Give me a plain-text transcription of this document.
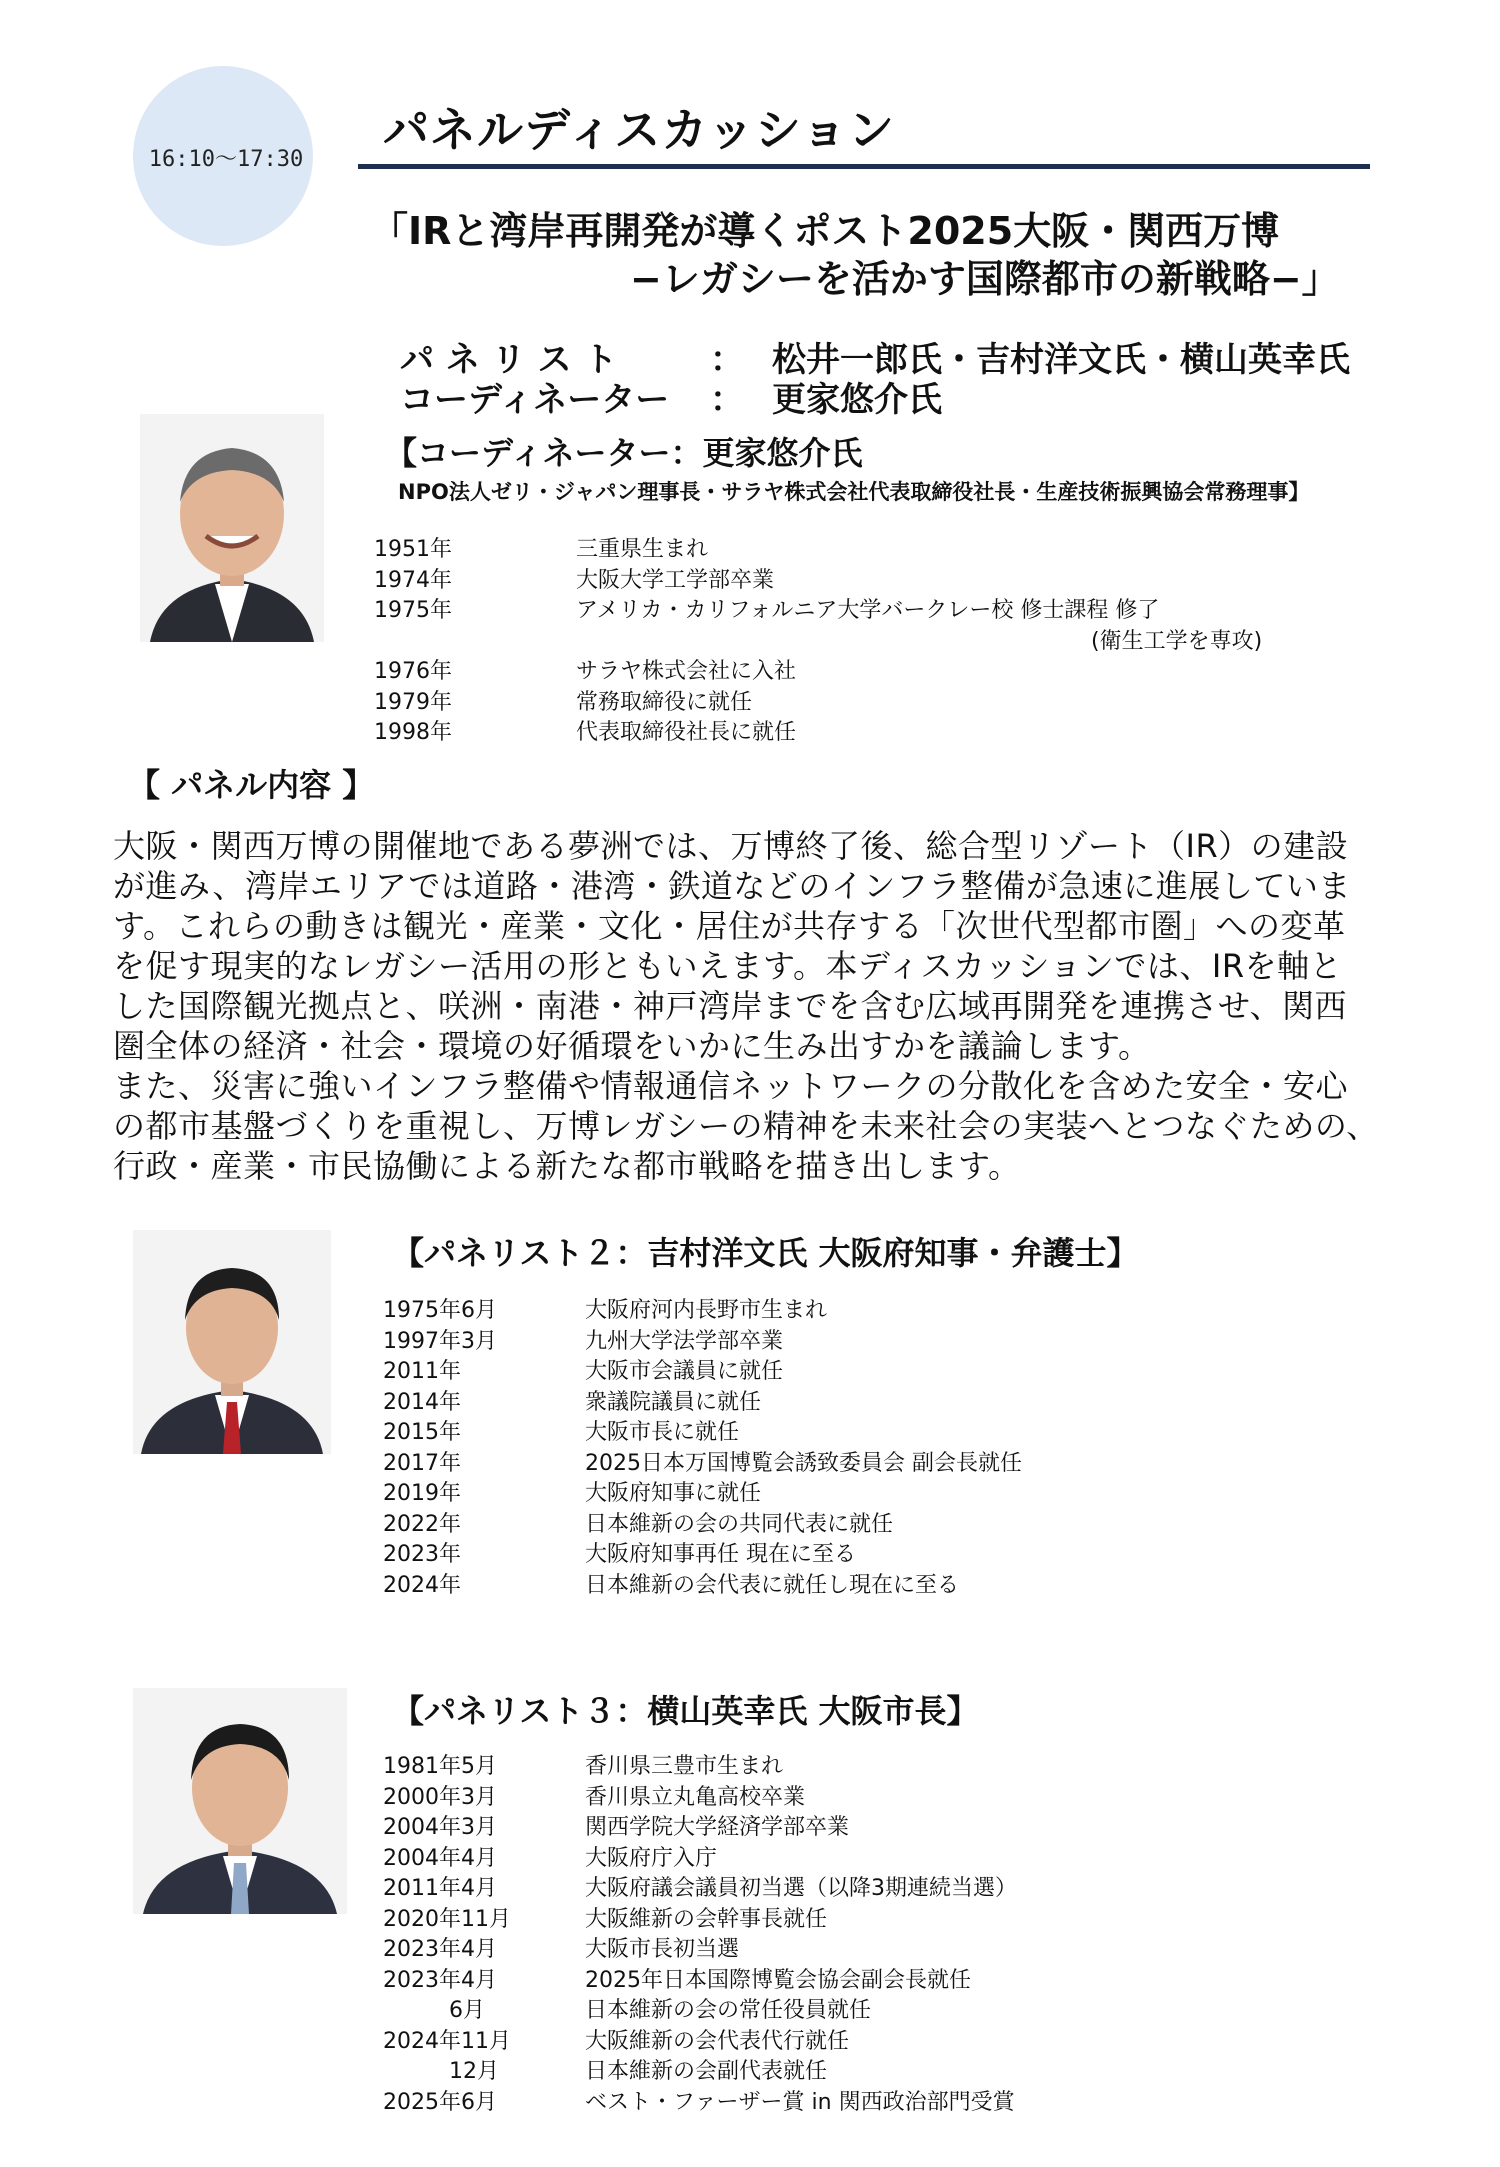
16:10〜17:30
パネルディスカッション
「IRと湾岸再開発が導くポスト2025大阪・関西万博
−レガシーを活かす国際都市の新戦略−」
パ ネ リ ス ト	： 松井一郎氏・吉村洋文氏・横山英幸氏
コーディネーター ： 更家悠介氏
【コーディネーター：更家悠介氏
NPO法人ゼリ・ジャパン理事長・サラヤ株式会社代表取締役社長・生産技術振興協会常務理事】
1951年	三重県生まれ
1974年	大阪大学工学部卒業
1975年	アメリカ・カリフォルニア大学バークレー校 修士課程 修了
(衛生工学を専攻)
1976年	サラヤ株式会社に入社
1979年	常務取締役に就任
1998年	代表取締役社長に就任
【 パネル内容 】
大阪・関西万博の開催地である夢洲では、万博終了後、総合型リゾート（IR）の建設
が進み、湾岸エリアでは道路・港湾・鉄道などのインフラ整備が急速に進展していま
す。これらの動きは観光・産業・文化・居住が共存する「次世代型都市圏」への変革
を促す現実的なレガシー活用の形ともいえます。本ディスカッションでは、IRを軸と
した国際観光拠点と、咲洲・南港・神戸湾岸までを含む広域再開発を連携させ、関西
圏全体の経済・社会・環境の好循環をいかに生み出すかを議論します。
また、災害に強いインフラ整備や情報通信ネットワークの分散化を含めた安全・安心
の都市基盤づくりを重視し、万博レガシーの精神を未来社会の実装へとつなぐための、
行政・産業・市民協働による新たな都市戦略を描き出します。
【パネリスト２：吉村洋文氏 大阪府知事・弁護士】
1975年6月	大阪府河内長野市生まれ
1997年3月	九州大学法学部卒業
2011年	大阪市会議員に就任
2014年	衆議院議員に就任
2015年	大阪市長に就任
2017年	2025日本万国博覧会誘致委員会 副会長就任
2019年	大阪府知事に就任
2022年	日本維新の会の共同代表に就任
2023年	大阪府知事再任 現在に至る
2024年	日本維新の会代表に就任し現在に至る
【パネリスト３：横山英幸氏 大阪市長】
1981年5月	香川県三豊市生まれ
2000年3月	香川県立丸亀高校卒業
2004年3月	関西学院大学経済学部卒業
2004年4月	大阪府庁入庁
2011年4月	大阪府議会議員初当選（以降3期連続当選）
2020年11月	大阪維新の会幹事長就任
2023年4月	大阪市長初当選
2023年4月	2025年日本国際博覧会協会副会長就任
　　　6月	日本維新の会の常任役員就任
2024年11月	大阪維新の会代表代行就任
　　　12月	日本維新の会副代表就任
2025年6月	ベスト・ファーザー賞 in 関西政治部門受賞
